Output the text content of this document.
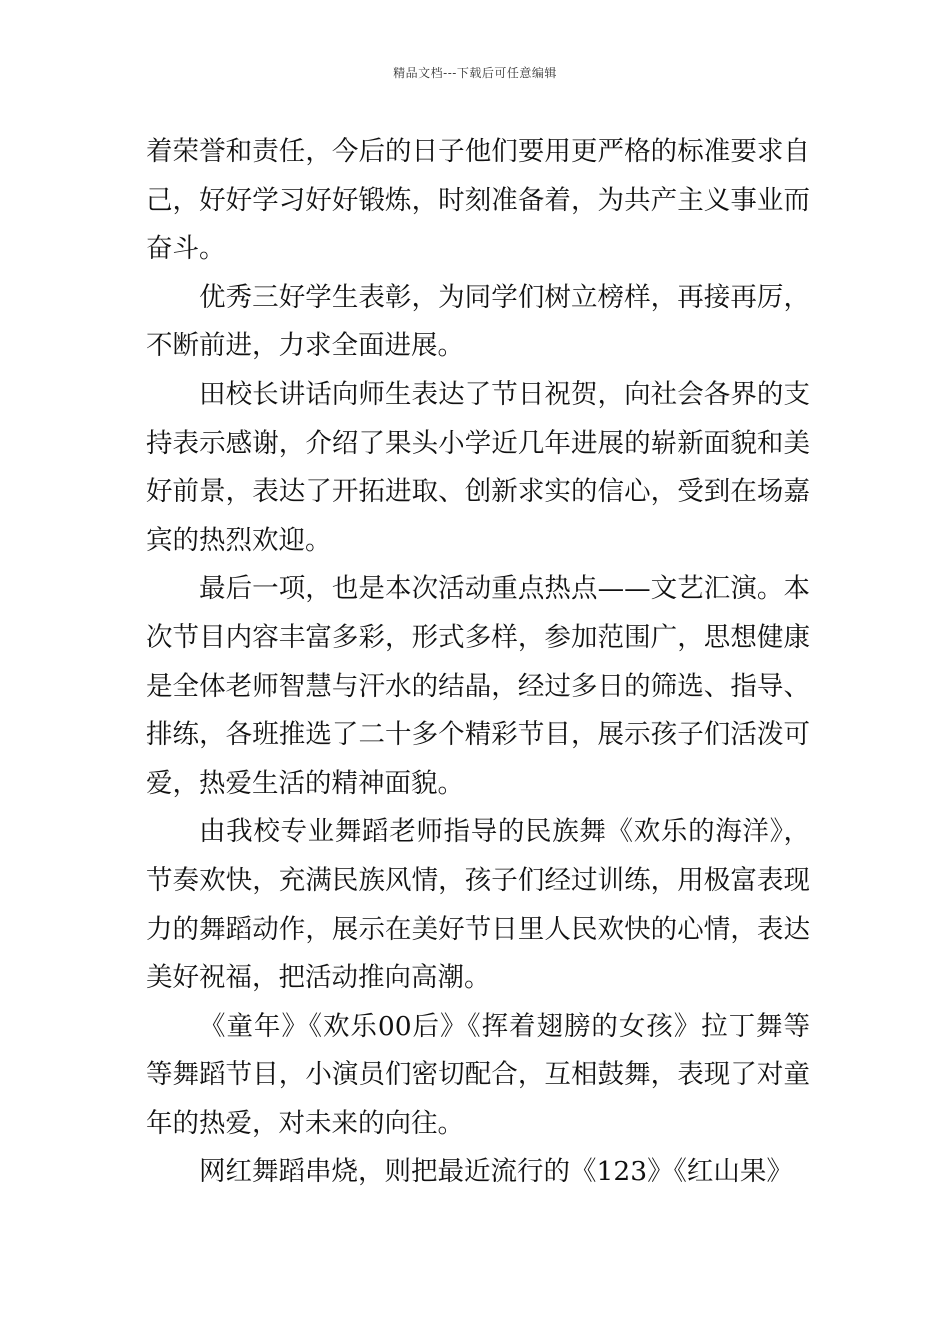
精品文档---下载后可任意编辑

着荣誉和责任，今后的日子他们要用更严格的标准要求自己，好好学习好好锻炼，时刻准备着，为共产主义事业而奋斗。

优秀三好学生表彰，为同学们树立榜样，再接再厉，不断前进，力求全面进展。

田校长讲话向师生表达了节日祝贺，向社会各界的支持表示感谢，介绍了果头小学近几年进展的崭新面貌和美好前景，表达了开拓进取、创新求实的信心，受到在场嘉宾的热烈欢迎。

最后一项，也是本次活动重点热点——文艺汇演。本次节目内容丰富多彩，形式多样，参加范围广，思想健康是全体老师智慧与汗水的结晶，经过多日的筛选、指导、排练，各班推选了二十多个精彩节目，展示孩子们活泼可爱，热爱生活的精神面貌。

由我校专业舞蹈老师指导的民族舞《欢乐的海洋》，节奏欢快，充满民族风情，孩子们经过训练，用极富表现力的舞蹈动作，展示在美好节日里人民欢快的心情，表达美好祝福，把活动推向高潮。

《童年》《欢乐00后》《挥着翅膀的女孩》拉丁舞等等舞蹈节目，小演员们密切配合，互相鼓舞，表现了对童年的热爱，对未来的向往。

网红舞蹈串烧，则把最近流行的《123》《红山果》
